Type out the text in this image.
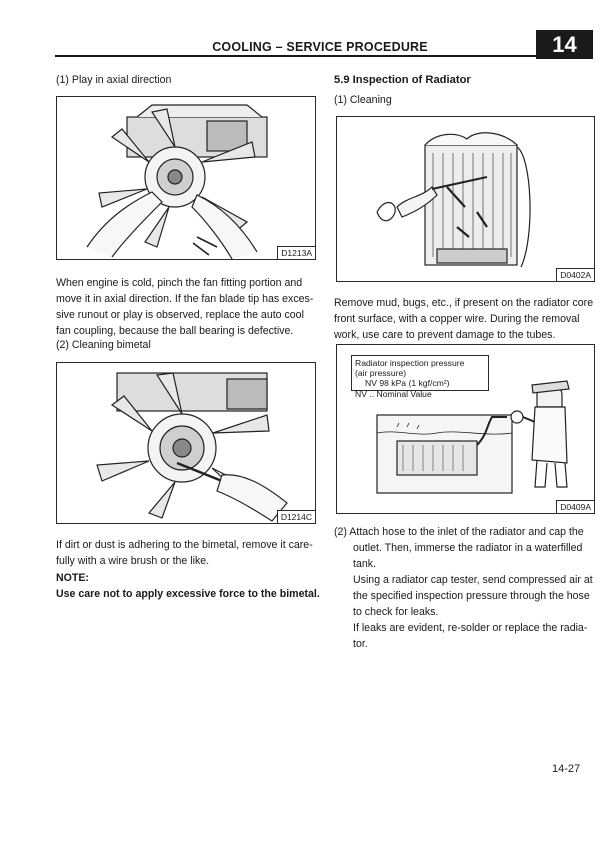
COOLING – SERVICE PROCEDURE	14
(1) Play in axial direction
D1213A
When engine is cold, pinch the fan fitting portion and
move it in axial direction. If the fan blade tip has exces-
sive runout or play is observed, replace the auto cool
fan coupling, because the ball bearing is defective.
(2) Cleaning bimetal
D1214C
If dirt or dust is adhering to the bimetal, remove it care-
fully with a wire brush or the like.
NOTE:
Use care not to apply excessive force to the bimetal.
5.9 Inspection of Radiator
(1) Cleaning
D0402A
Remove mud, bugs, etc., if present on the radiator core
front surface, with a copper wire. During the removal
work, use care to prevent damage to the tubes.
Radiator inspection pressure
(air pressure)
NV 98 kPa (1 kgf/cm²)
NV .. Nominal Value
D0409A
(2) Attach hose to the inlet of the radiator and cap the
outlet. Then, immerse the radiator in a waterfilled
tank.
Using a radiator cap tester, send compressed air at
the specified inspection pressure through the hose
to check for leaks.
If leaks are evident, re-solder or replace the radia-
tor.
14-27
